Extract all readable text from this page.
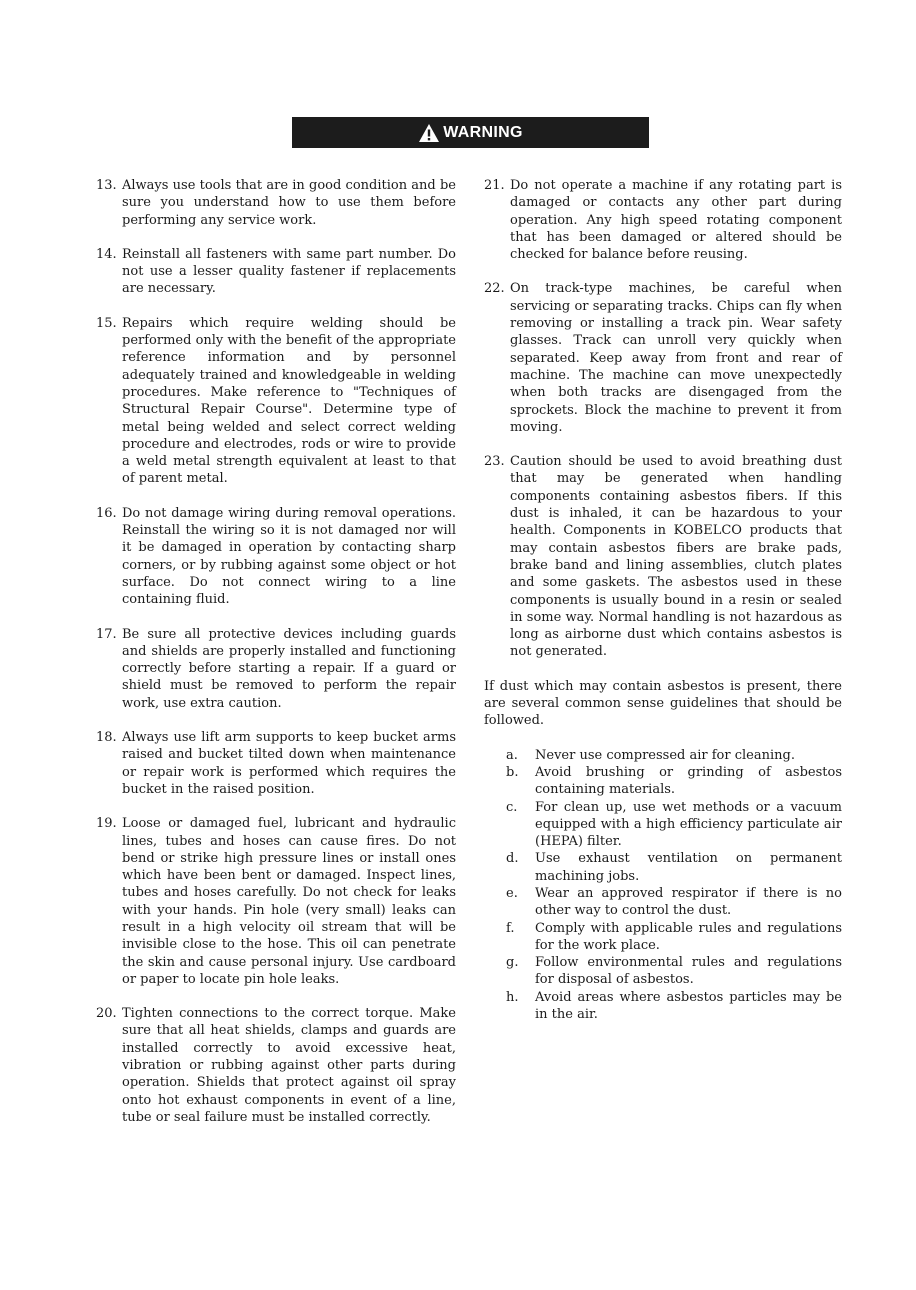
WARNING
13. Always use tools that are in good condition and be sure you understand how to use them before performing any service work.
14. Reinstall all fasteners with same part number. Do not use a lesser quality fastener if replacements are necessary.
15. Repairs which require welding should be performed only with the benefit of the appropriate reference information and by personnel adequately trained and knowledgeable in welding procedures. Make reference to "Techniques of Structural Repair Course". Determine type of metal being welded and select correct welding procedure and electrodes, rods or wire to provide a weld metal strength equivalent at least to that of parent metal.
16. Do not damage wiring during removal operations. Reinstall the wiring so it is not damaged nor will it be damaged in operation by contacting sharp corners, or by rubbing against some object or hot surface. Do not connect wiring to a line containing fluid.
17. Be sure all protective devices including guards and shields are properly installed and functioning correctly before starting a repair. If a guard or shield must be removed to perform the repair work, use extra caution.
18. Always use lift arm supports to keep bucket arms raised and bucket tilted down when maintenance or repair work is performed which requires the bucket in the raised position.
19. Loose or damaged fuel, lubricant and hydraulic lines, tubes and hoses can cause fires. Do not bend or strike high pressure lines or install ones which have been bent or damaged. Inspect lines, tubes and hoses carefully. Do not check for leaks with your hands. Pin hole (very small) leaks can result in a high velocity oil stream that will be invisible close to the hose. This oil can penetrate the skin and cause personal injury. Use cardboard or paper to locate pin hole leaks.
20. Tighten connections to the correct torque. Make sure that all heat shields, clamps and guards are installed correctly to avoid excessive heat, vibration or rubbing against other parts during operation. Shields that protect against oil spray onto hot exhaust components in event of a line, tube or seal failure must be installed correctly.
21. Do not operate a machine if any rotating part is damaged or contacts any other part during operation. Any high speed rotating component that has been damaged or altered should be checked for balance before reusing.
22. On track-type machines, be careful when servicing or separating tracks. Chips can fly when removing or installing a track pin. Wear safety glasses. Track can unroll very quickly when separated. Keep away from front and rear of machine. The machine can move unexpectedly when both tracks are disengaged from the sprockets. Block the machine to prevent it from moving.
23. Caution should be used to avoid breathing dust that may be generated when handling components containing asbestos fibers. If this dust is inhaled, it can be hazardous to your health. Components in KOBELCO products that may contain asbestos fibers are brake pads, brake band and lining assemblies, clutch plates and some gaskets. The asbestos used in these components is usually bound in a resin or sealed in some way. Normal handling is not hazardous as long as airborne dust which contains asbestos is not generated.

If dust which may contain asbestos is present, there are several common sense guidelines that should be followed.

a.	Never use compressed air for cleaning.
b.	Avoid brushing or grinding of asbestos containing materials.
c.	For clean up, use wet methods or a vacuum equipped with a high efficiency particulate air (HEPA) filter.
d.	Use exhaust ventilation on permanent machining jobs.
e.	Wear an approved respirator if there is no other way to control the dust.
f.	Comply with applicable rules and regulations for the work place.
g.	Follow environmental rules and regulations for disposal of asbestos.
h.	Avoid areas where asbestos particles may be in the air.
